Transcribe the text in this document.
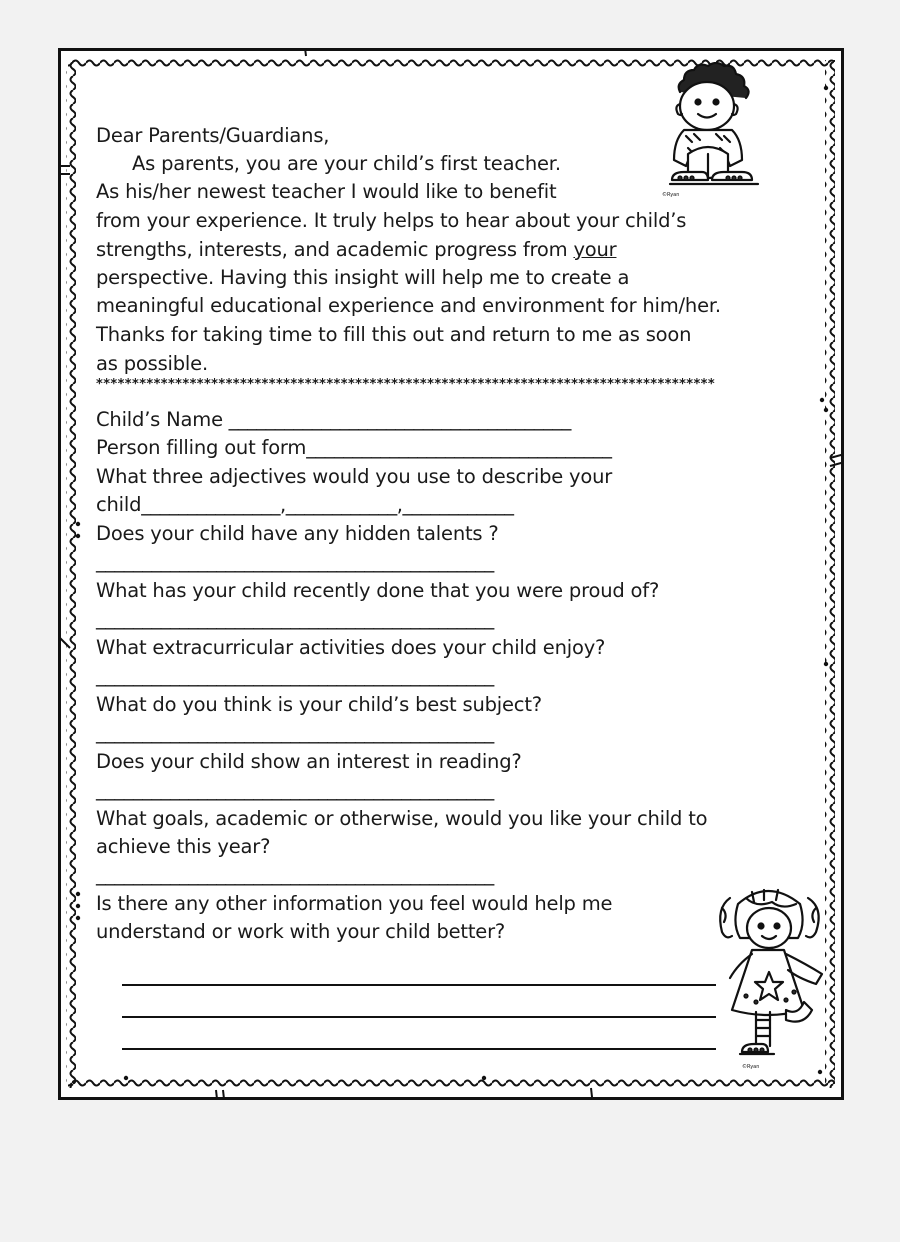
Dear Parents/Guardians,
As parents, you are your child’s first teacher.
As his/her newest teacher I would like to benefit
from your experience. It truly helps to hear about your child’s
strengths, interests, and academic progress from your
perspective. Having this insight will help me to create a
meaningful educational experience and environment for him/her.
Thanks for taking time to fill this out and return to me as soon
as possible.
**************************************************************************************
Child’s Name _____________________________________
Person filling out form_________________________________
What three adjectives would you use to describe your
child_______________,____________,____________
Does your child have any hidden talents ?
___________________________________________
What has your child recently done that you were proud of?
___________________________________________
What extracurricular activities does your child enjoy?
___________________________________________
What do you think is your child’s best subject?
___________________________________________
Does your child show an interest in reading?
___________________________________________
What goals, academic or otherwise, would you like your child to
achieve this year?
___________________________________________
Is there any other information you feel would help me
understand or work with your child better?
©Ryan
©Ryan
